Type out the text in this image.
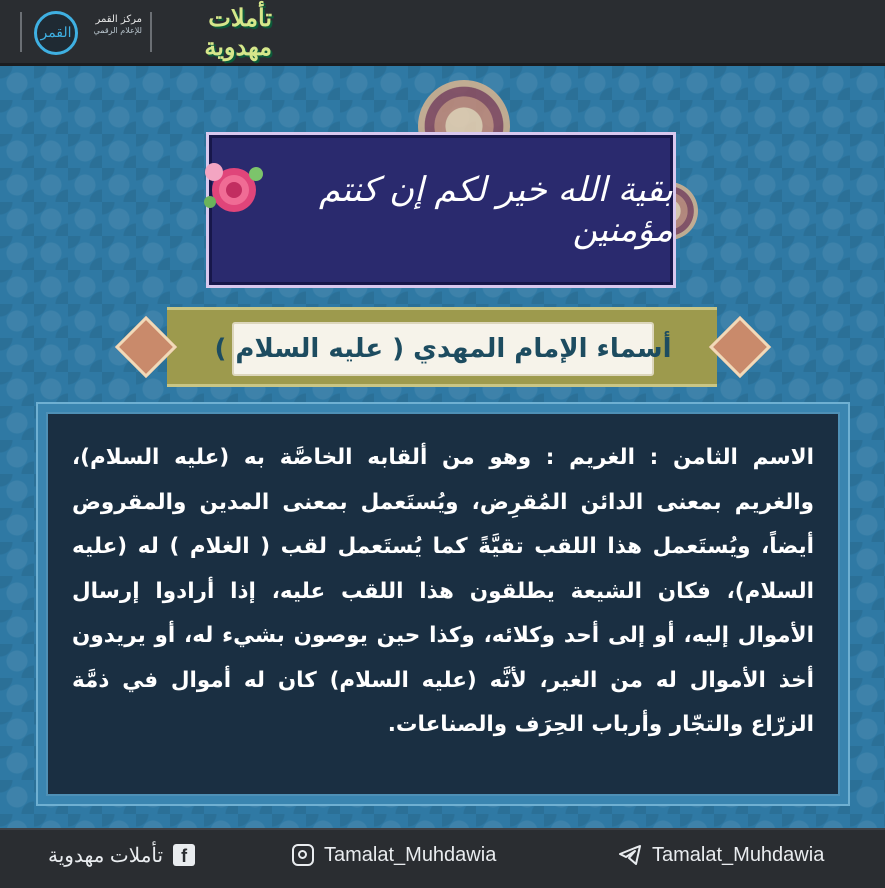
القمر
مركز القمر
للإعلام الرقمي	تأملات مهدوية
بقية الله خير لكم إن كنتم مؤمنين
أسماء الإمام المهدي ( عليه السلام )

الاسم الثامن : الغريم : وهو من ألقابه الخاصَّة به (عليه السلام)، والغريم بمعنى الدائن المُقرِض، ويُستَعمل بمعنى المدين والمقروض أيضاً، ويُستَعمل هذا اللقب تقيَّةً كما يُستَعمل لقب ( الغلام ) له (عليه السلام)، فكان الشيعة يطلقون هذا اللقب عليه، إذا أرادوا إرسال الأموال إليه، أو إلى أحد وكلائه، وكذا حين يوصون بشيء له، أو يريدون أخذ الأموال له من الغير، لأنَّه (عليه السلام) كان له أموال في ذمَّة الزرّاع والتجّار وأرباب الحِرَف والصناعات.

f
تأملات مهدوية	Tamalat_Muhdawia	Tamalat_Muhdawia
